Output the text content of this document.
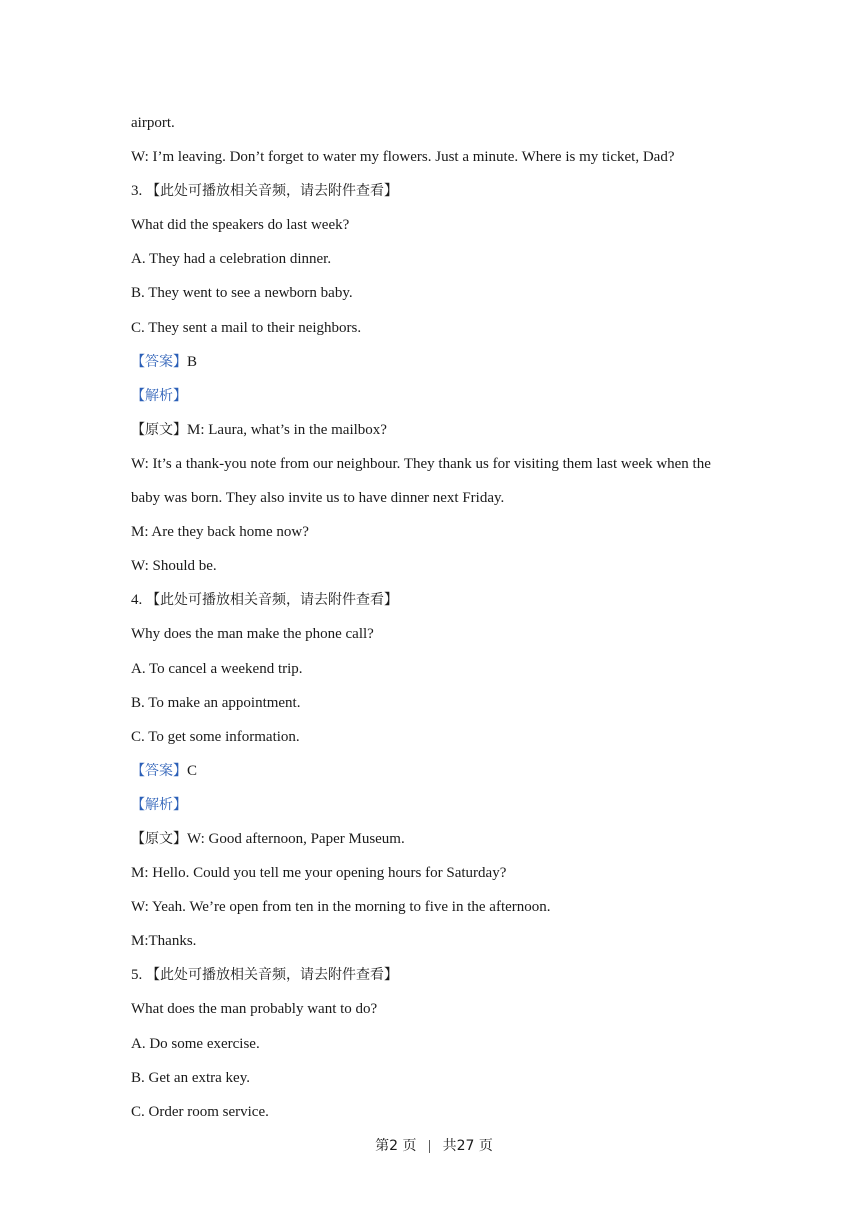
airport.
W: I’m leaving. Don’t forget to water my flowers. Just a minute. Where is my ticket, Dad?
3. 【此处可播放相关音频，请去附件查看】
What did the speakers do last week?
A. They had a celebration dinner.
B. They went to see a newborn baby.
C. They sent a mail to their neighbors.
【答案】B
【解析】
【原文】M: Laura, what’s in the mailbox?
W: It’s a thank-you note from our neighbour. They thank us for visiting them last week when the
baby was born. They also invite us to have dinner next Friday.
M: Are they back home now?
W: Should be.
4. 【此处可播放相关音频，请去附件查看】
Why does the man make the phone call?
A. To cancel a weekend trip.
B. To make an appointment.
C. To get some information.
【答案】C
【解析】
【原文】W: Good afternoon, Paper Museum.
M: Hello. Could you tell me your opening hours for Saturday?
W: Yeah. We’re open from ten in the morning to five in the afternoon.
M:Thanks.
5. 【此处可播放相关音频，请去附件查看】
What does the man probably want to do?
A. Do some exercise.
B. Get an extra key.
C. Order room service.
第2 页 | 共27 页
